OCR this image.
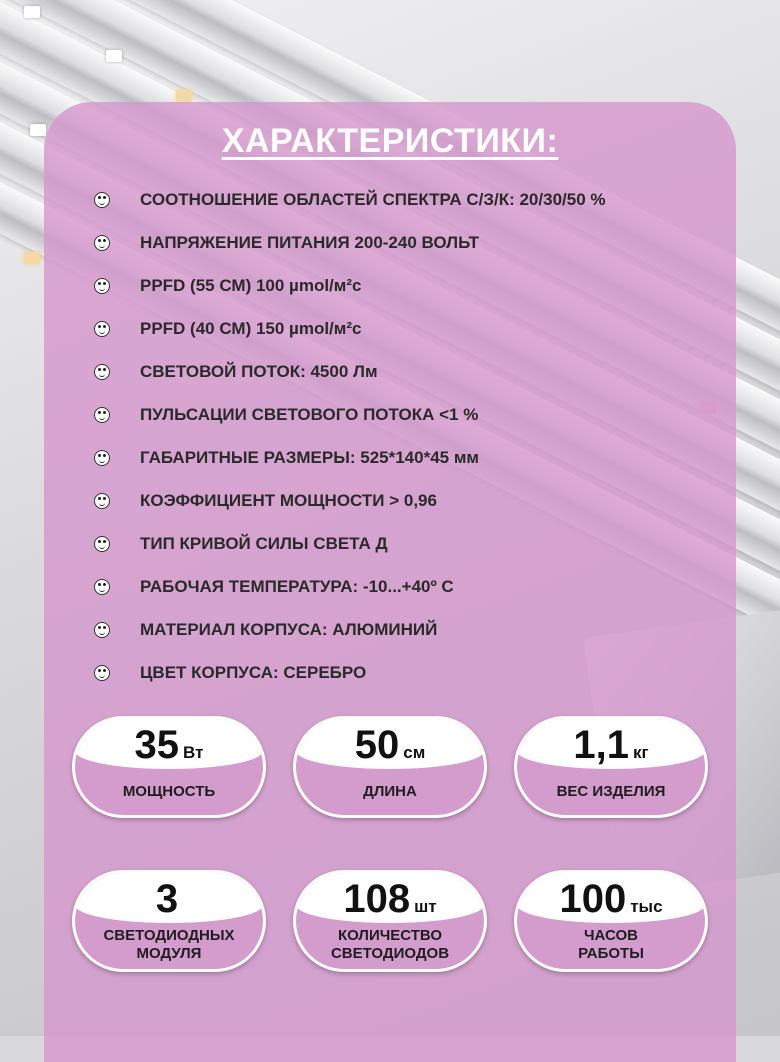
ХАРАКТЕРИСТИКИ:
СООТНОШЕНИЕ ОБЛАСТЕЙ СПЕКТРА С/З/К: 20/30/50 %
НАПРЯЖЕНИЕ ПИТАНИЯ 200-240 ВОЛЬТ
PPFD (55 СМ) 100 µmol/м²с
PPFD (40 СМ) 150 µmol/м²с
СВЕТОВОЙ ПОТОК: 4500 Лм
ПУЛЬСАЦИИ СВЕТОВОГО ПОТОКА <1 %
ГАБАРИТНЫЕ РАЗМЕРЫ: 525*140*45 мм
КОЭФФИЦИЕНТ МОЩНОСТИ > 0,96
ТИП КРИВОЙ СИЛЫ СВЕТА Д
РАБОЧАЯ ТЕМПЕРАТУРА: -10...+40º С
МАТЕРИАЛ КОРПУСА: АЛЮМИНИЙ
ЦВЕТ КОРПУСА: СЕРЕБРО
35 Вт
МОЩНОСТЬ
50 см
ДЛИНА
1,1 кг
ВЕС ИЗДЕЛИЯ
3
СВЕТОДИОДНЫХ
МОДУЛЯ
108 шт
КОЛИЧЕСТВО
СВЕТОДИОДОВ
100 тыс
ЧАСОВ
РАБОТЫ
